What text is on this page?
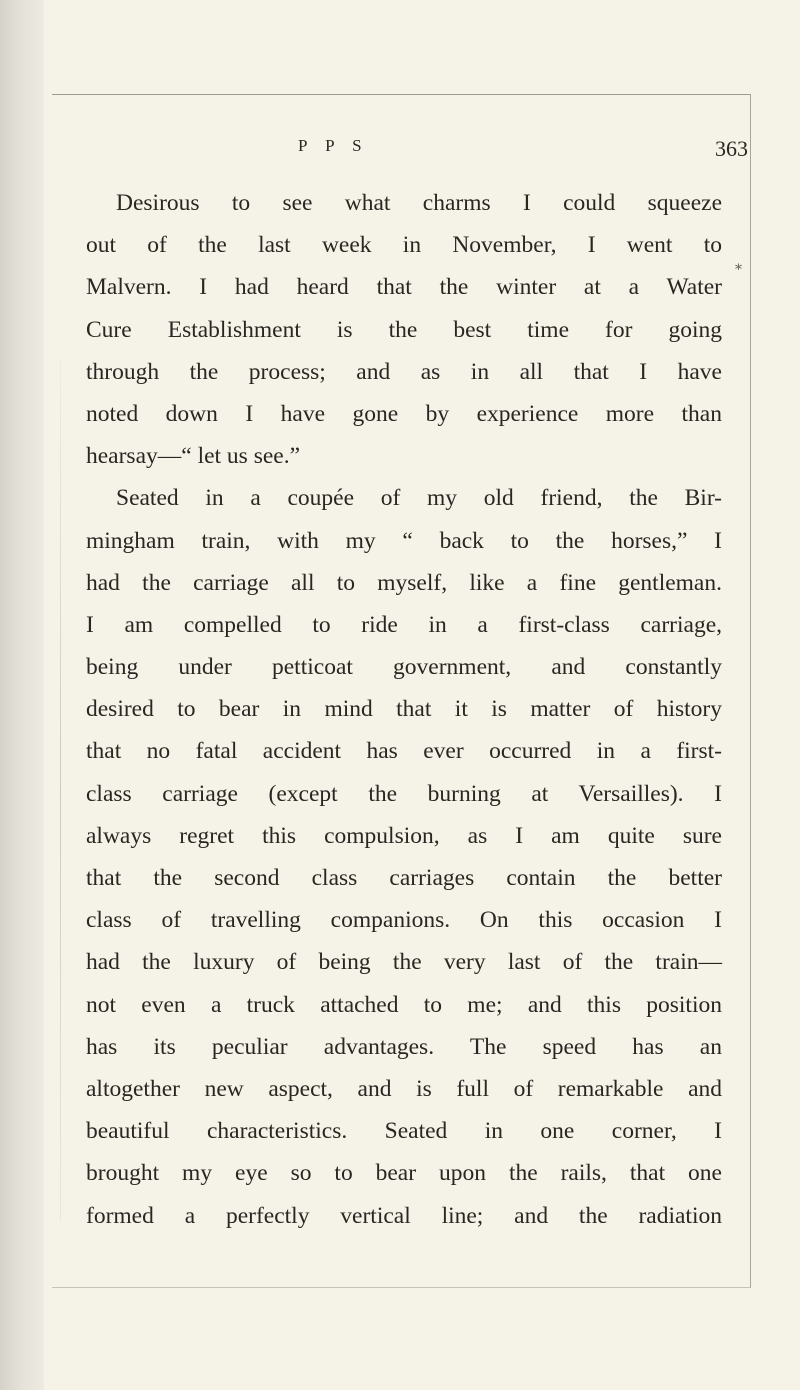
P P S	363
*
Desirous to see what charms I could squeeze
out of the last week in November, I went to
Malvern. I had heard that the winter at a Water
Cure Establishment is the best time for going
through the process; and as in all that I have
noted down I have gone by experience more than
hearsay—“ let us see.”
Seated in a coupée of my old friend, the Bir-
mingham train, with my “ back to the horses,” I
had the carriage all to myself, like a fine gentleman.
I am compelled to ride in a first-class carriage,
being under petticoat government, and constantly
desired to bear in mind that it is matter of history
that no fatal accident has ever occurred in a first-
class carriage (except the burning at Versailles). I
always regret this compulsion, as I am quite sure
that the second class carriages contain the better
class of travelling companions. On this occasion I
had the luxury of being the very last of the train—
not even a truck attached to me; and this position
has its peculiar advantages. The speed has an
altogether new aspect, and is full of remarkable and
beautiful characteristics. Seated in one corner, I
brought my eye so to bear upon the rails, that one
formed a perfectly vertical line; and the radiation
